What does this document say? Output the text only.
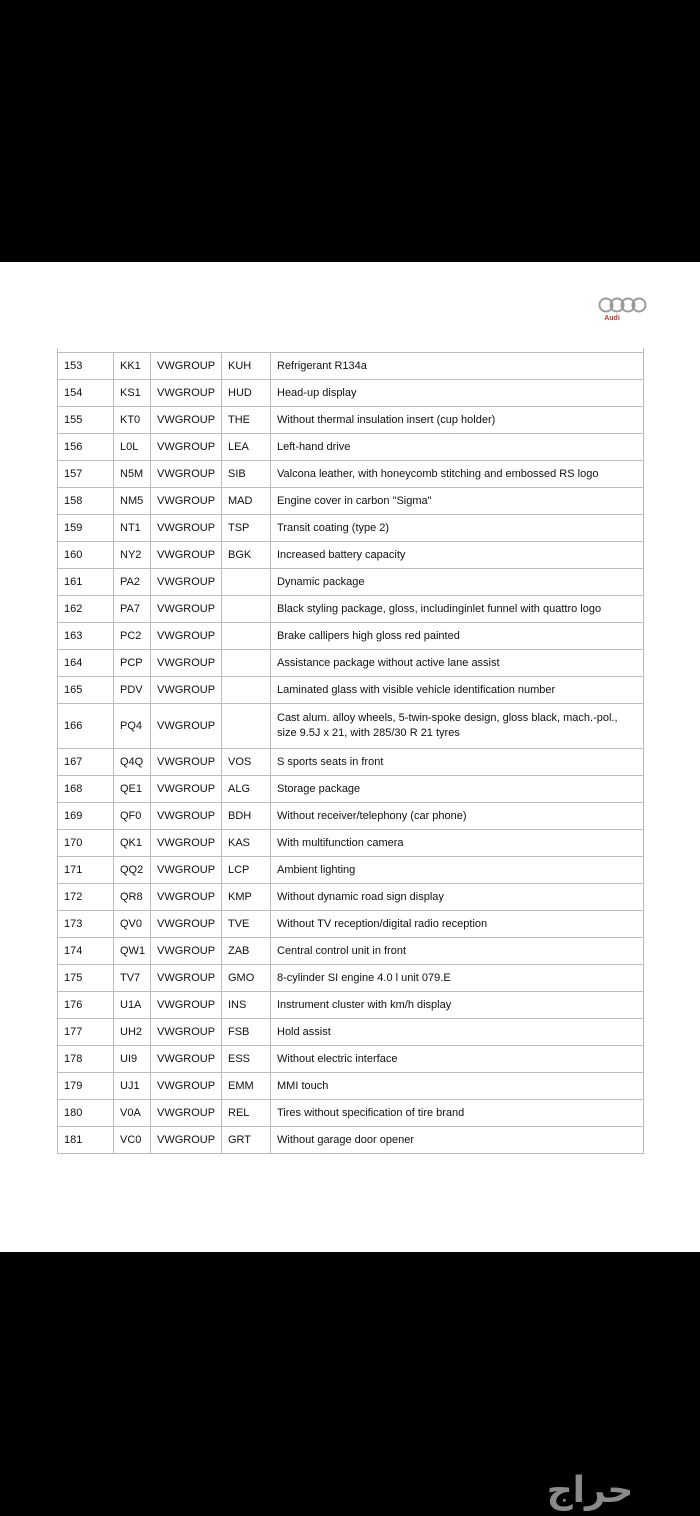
Audi
153	KK1	VWGROUP	KUH	Refrigerant R134a
154	KS1	VWGROUP	HUD	Head-up display
155	KT0	VWGROUP	THE	Without thermal insulation insert (cup holder)
156	L0L	VWGROUP	LEA	Left-hand drive
157	N5M	VWGROUP	SIB	Valcona leather, with honeycomb stitching and embossed RS logo
158	NM5	VWGROUP	MAD	Engine cover in carbon "Sigma"
159	NT1	VWGROUP	TSP	Transit coating (type 2)
160	NY2	VWGROUP	BGK	Increased battery capacity
161	PA2	VWGROUP		Dynamic package
162	PA7	VWGROUP		Black styling package, gloss, includinginlet funnel with quattro logo
163	PC2	VWGROUP		Brake callipers high gloss red painted
164	PCP	VWGROUP		Assistance package without active lane assist
165	PDV	VWGROUP		Laminated glass with visible vehicle identification number
166	PQ4	VWGROUP		Cast alum. alloy wheels, 5-twin-spoke design, gloss black, mach.-pol., size 9.5J x 21, with 285/30 R 21 tyres
167	Q4Q	VWGROUP	VOS	S sports seats in front
168	QE1	VWGROUP	ALG	Storage package
169	QF0	VWGROUP	BDH	Without receiver/telephony (car phone)
170	QK1	VWGROUP	KAS	With multifunction camera
171	QQ2	VWGROUP	LCP	Ambient lighting
172	QR8	VWGROUP	KMP	Without dynamic road sign display
173	QV0	VWGROUP	TVE	Without TV reception/digital radio reception
174	QW1	VWGROUP	ZAB	Central control unit in front
175	TV7	VWGROUP	GMO	8-cylinder SI engine 4.0 l unit 079.E
176	U1A	VWGROUP	INS	Instrument cluster with km/h display
177	UH2	VWGROUP	FSB	Hold assist
178	UI9	VWGROUP	ESS	Without electric interface
179	UJ1	VWGROUP	EMM	MMI touch
180	V0A	VWGROUP	REL	Tires without specification of tire brand
181	VC0	VWGROUP	GRT	Without garage door opener
حراج
